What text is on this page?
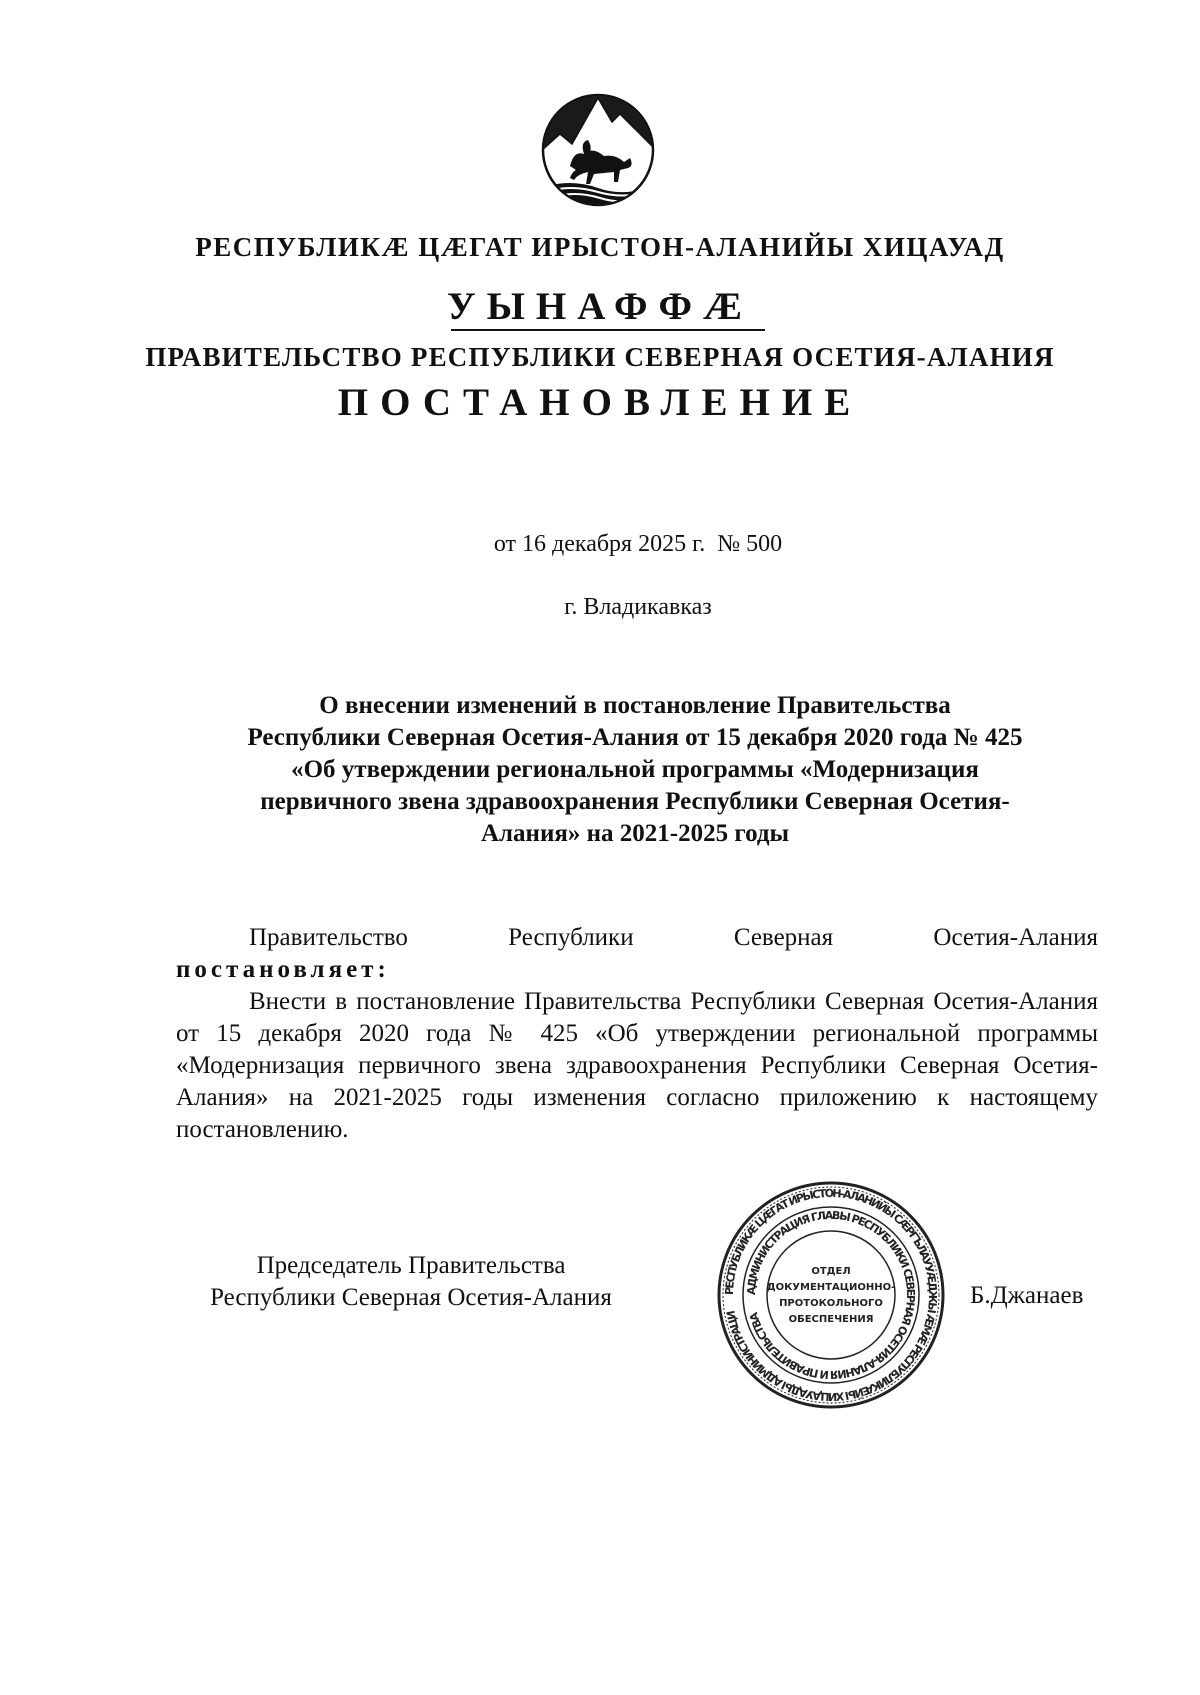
РЕСПУБЛИКÆ ЦÆГАТ ИРЫСТОН-АЛАНИЙЫ ХИЦАУАД
УЫНАФФÆ
ПРАВИТЕЛЬСТВО РЕСПУБЛИКИ СЕВЕРНАЯ ОСЕТИЯ-АЛАНИЯ
ПОСТАНОВЛЕНИЕ
от 16 декабря 2025 г.  № 500
г. Владикавказ
О внесении изменений в постановление Правительства
Республики Северная Осетия-Алания от 15 декабря 2020 года № 425
«Об утверждении региональной программы «Модернизация
первичного звена здравоохранения Республики Северная Осетия-
Алания» на 2021-2025 годы
Правительство	Республики	Северная	Осетия-Алания
постановляет:
Внести в постановление Правительства Республики Северная Осетия-Алания от 15 декабря 2020 года № 425 «Об утверждении региональной программы «Модернизация первичного звена здравоохранения Республики Северная Осетия-Алания» на 2021-2025 годы изменения согласно приложению к настоящему постановлению.
Председатель Правительства
Республики Северная Осетия-Алания	Б.Джанаев
РЕСПУБЛИКÆ ЦÆГАТ ИРЫСТОН-АЛАНИЙЫ СÆРГЪЛАУУÆДЖЫ ÆМÆ РЕСПУБЛИКÆЙЫ ХИЦАУАДЫ АДМИНИСТРАЦИ
АДМИНИСТРАЦИЯ ГЛАВЫ РЕСПУБЛИКИ СЕВЕРНАЯ ОСЕТИЯ-АЛАНИЯ И ПРАВИТЕЛЬСТВА
ОТДЕЛ
ДОКУМЕНТАЦИОННО-
ПРОТОКОЛЬНОГО
ОБЕСПЕЧЕНИЯ
